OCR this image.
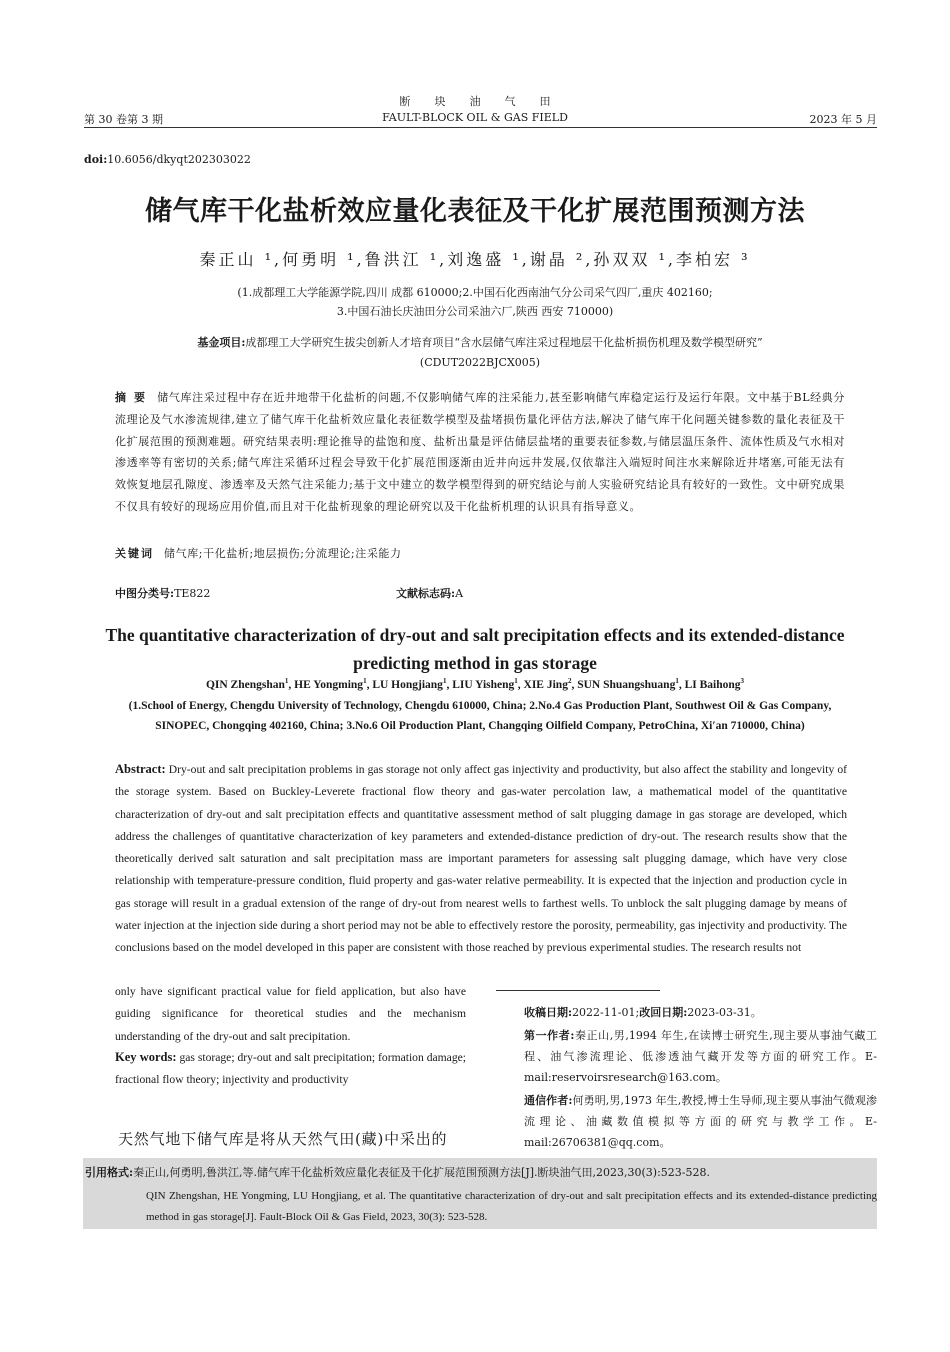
断块油气田
FAULT-BLOCK OIL & GAS FIELD
第 30 卷第 3 期	2023 年 5 月
doi:10.6056/dkyqt202303022
储气库干化盐析效应量化表征及干化扩展范围预测方法
秦正山 ¹,何勇明 ¹,鲁洪江 ¹,刘逸盛 ¹,谢晶 ²,孙双双 ¹,李柏宏 ³
(1.成都理工大学能源学院,四川 成都 610000;2.中国石化西南油气分公司采气四厂,重庆 402160;
3.中国石油长庆油田分公司采油六厂,陕西 西安 710000)
基金项目:成都理工大学研究生拔尖创新人才培育项目“含水层储气库注采过程地层干化盐析损伤机理及数学模型研究”
(CDUT2022BJCX005)
摘要 储气库注采过程中存在近井地带干化盐析的问题,不仅影响储气库的注采能力,甚至影响储气库稳定运行及运行年限。文中基于BL经典分流理论及气水渗流规律,建立了储气库干化盐析效应量化表征数学模型及盐堵损伤量化评估方法,解决了储气库干化问题关键参数的量化表征及干化扩展范围的预测难题。研究结果表明:理论推导的盐饱和度、盐析出量是评估储层盐堵的重要表征参数,与储层温压条件、流体性质及气水相对渗透率等有密切的关系;储气库注采循环过程会导致干化扩展范围逐渐由近井向远井发展,仅依靠注入端短时间注水来解除近井堵塞,可能无法有效恢复地层孔隙度、渗透率及天然气注采能力;基于文中建立的数学模型得到的研究结论与前人实验研究结论具有较好的一致性。文中研究成果不仅具有较好的现场应用价值,而且对干化盐析现象的理论研究以及干化盐析机理的认识具有指导意义。
关键词 储气库;干化盐析;地层损伤;分流理论;注采能力
中图分类号:TE822	文献标志码:A
The quantitative characterization of dry-out and salt precipitation effects and its extended-distance predicting method in gas storage
QIN Zhengshan$^1$, HE Yongming$^1$, LU Hongjiang$^1$, LIU Yisheng$^1$, XIE Jing$^2$, SUN Shuangshuang$^1$, LI Baihong$^3$
(1.School of Energy, Chengdu University of Technology, Chengdu 610000, China; 2.No.4 Gas Production Plant, Southwest Oil & Gas Company, SINOPEC, Chongqing 402160, China; 3.No.6 Oil Production Plant, Changqing Oilfield Company, PetroChina, Xi′an 710000, China)
Abstract: Dry-out and salt precipitation problems in gas storage not only affect gas injectivity and productivity, but also affect the stability and longevity of the storage system. Based on Buckley-Leverete fractional flow theory and gas-water percolation law, a mathematical model of the quantitative characterization of dry-out and salt precipitation effects and quantitative assessment method of salt plugging damage in gas storage are developed, which address the challenges of quantitative characterization of key parameters and extended-distance prediction of dry-out. The research results show that the theoretically derived salt saturation and salt precipitation mass are important parameters for assessing salt plugging damage, which have very close relationship with temperature-pressure condition, fluid property and gas-water relative permeability. It is expected that the injection and production cycle in gas storage will result in a gradual extension of the range of dry-out from nearest wells to farthest wells. To unblock the salt plugging damage by means of water injection at the injection side during a short period may not be able to effectively restore the porosity, permeability, gas injectivity and productivity. The conclusions based on the model developed in this paper are consistent with those reached by previous experimental studies. The research results not
only have significant practical value for field application, but also have guiding significance for theoretical studies and the mechanism understanding of the dry-out and salt precipitation.
Key words: gas storage; dry-out and salt precipitation; formation damage; fractional flow theory; injectivity and productivity
天然气地下储气库是将从天然气田(藏)中采出的

收稿日期:2022-11-01;改回日期:2023-03-31。

第一作者:秦正山,男,1994 年生,在读博士研究生,现主要从事油气藏工程、油气渗流理论、低渗透油气藏开发等方面的研究工作。E-mail:reservoirsresearch@163.com。

通信作者:何勇明,男,1973 年生,教授,博士生导师,现主要从事油气微观渗流理论、油藏数值模拟等方面的研究与教学工作。E-mail:26706381@qq.com。

引用格式:秦正山,何勇明,鲁洪江,等.储气库干化盐析效应量化表征及干化扩展范围预测方法[J].断块油气田,2023,30(3):523-528.
QIN Zhengshan, HE Yongming, LU Hongjiang, et al. The quantitative characterization of dry-out and salt precipitation effects and its extended-distance predicting method in gas storage[J]. Fault-Block Oil & Gas Field, 2023, 30(3): 523-528.
